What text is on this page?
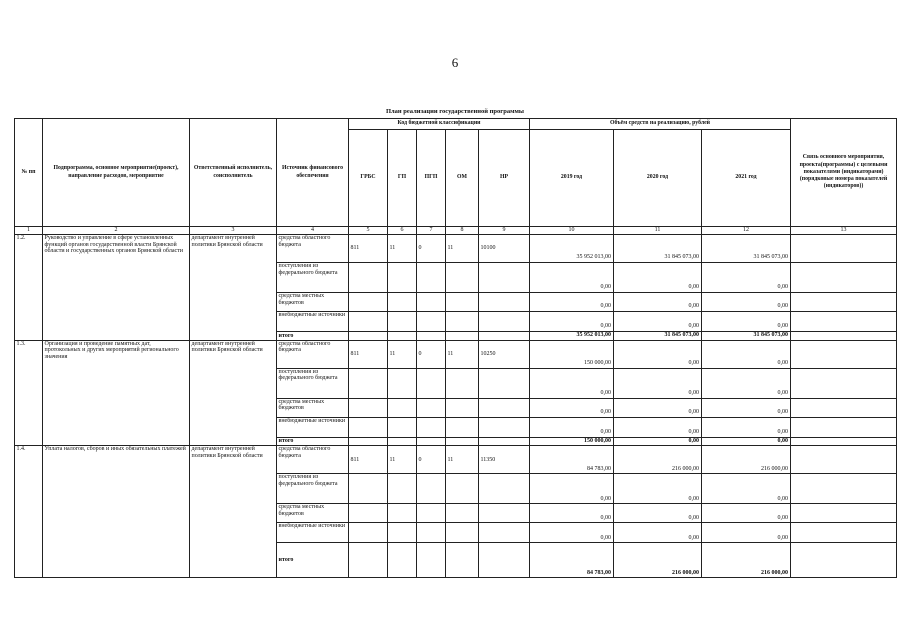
6
План реализации государственной программы
№ пп	Подпрограмма, основное мероприятие(проект), направление расходов, мероприятие	Ответственный исполнитель, соисполнитель	Источник финансового обеспечения	Код бюджетной классификации					Объём средств на реализацию, рублей			Связь основного мероприятия, проекта(программы) с целевыми показателями (индикаторами) (порядковые номера показателей (индикаторов))
				ГРБС	ГП	ПГП	ОМ	НР	2019 год	2020 год	2021 год	
1	2	3	4	5	6	7	8	9	10	11	12	13
1.2.	Руководство и управление в сфере установленных функций органов государственной власти Брянской области и государственных органов Брянской области	департамент внутренней политики Брянской области	средства областного бюджета	811	11	0	11	10100	35 952 013,00	31 845 073,00	31 845 073,00	
			поступления из федерального бюджета						0,00	0,00	0,00	
			средства местных бюджетов						0,00	0,00	0,00	
			внебюджетные источники						0,00	0,00	0,00	
			итого						35 952 013,00	31 845 073,00	31 845 073,00	
1.3.	Организация и проведение памятных дат, протокольных и других мероприятий регионального значения	департамент внутренней политики Брянской области	средства областного бюджета	811	11	0	11	10250	150 000,00	0,00	0,00	
			поступления из федерального бюджета						0,00	0,00	0,00	
			средства местных бюджетов						0,00	0,00	0,00	
			внебюджетные источники						0,00	0,00	0,00	
			итого						150 000,00	0,00	0,00	
1.4.	Уплата налогов, сборов и иных обязательных платежей	департамент внутренней политики Брянской области	средства областного бюджета	811	11	0	11	11350	84 783,00	216 000,00	216 000,00	
			поступления из федерального бюджета						0,00	0,00	0,00	
			средства местных бюджетов						0,00	0,00	0,00	
			внебюджетные источники						0,00	0,00	0,00	
			итого						84 783,00	216 000,00	216 000,00	
